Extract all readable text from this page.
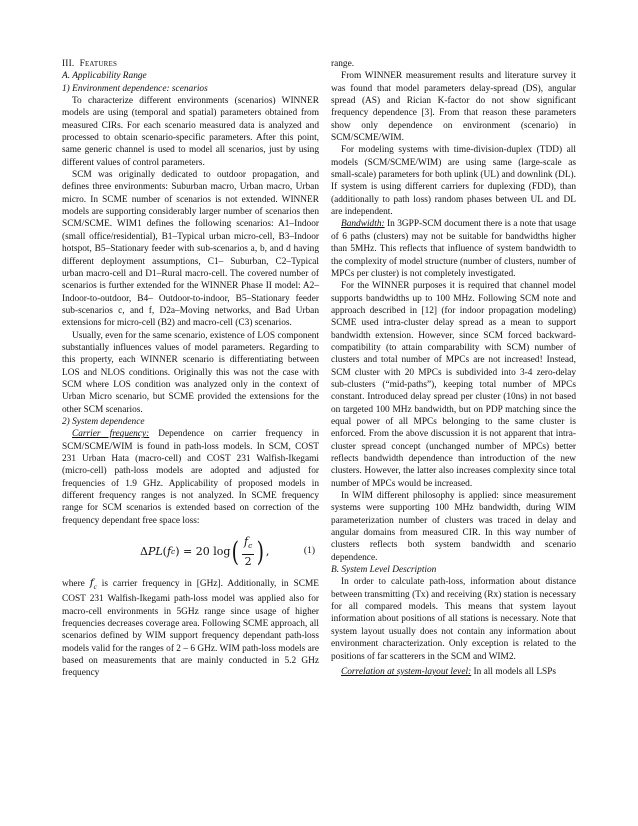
III. Features

A. Applicability Range

1) Environment dependence: scenarios

To characterize different environments (scenarios) WINNER models are using (temporal and spatial) parameters obtained from measured CIRs. For each scenario measured data is analyzed and processed to obtain scenario-specific parameters. After this point, same generic channel is used to model all scenarios, just by using different values of control parameters.

SCM was originally dedicated to outdoor propagation, and defines three environments: Suburban macro, Urban macro, Urban micro. In SCME number of scenarios is not extended. WINNER models are supporting considerably larger number of scenarios then SCM/SCME. WIM1 defines the following scenarios: A1–Indoor (small office/residential), B1–Typical urban micro-cell, B3–Indoor hotspot, B5–Stationary feeder with sub-scenarios a, b, and d having different deployment assumptions, C1– Suburban, C2–Typical urban macro-cell and D1–Rural macro-cell. The covered number of scenarios is further extended for the WINNER Phase II model: A2–Indoor-to-outdoor, B4– Outdoor-to-indoor, B5–Stationary feeder sub-scenarios c, and f, D2a–Moving networks, and Bad Urban extensions for micro-cell (B2) and macro-cell (C3) scenarios.

Usually, even for the same scenario, existence of LOS component substantially influences values of model parameters. Regarding to this property, each WINNER scenario is differentiating between LOS and NLOS conditions. Originally this was not the case with SCM where LOS condition was analyzed only in the context of Urban Micro scenario, but SCME provided the extensions for the other SCM scenarios.

2) System dependence

Carrier frequency: Dependence on carrier frequency in SCM/SCME/WIM is found in path-loss models. In SCM, COST 231 Urban Hata (macro-cell) and COST 231 Walfish-Ikegami (micro-cell) path-loss models are adopted and adjusted for frequencies of 1.9 GHz. Applicability of proposed models in different frequency ranges is not analyzed. In SCME frequency range for SCM scenarios is extended based on correction of the frequency dependant free space loss:

Δ PL ( f c ) = 20 log ( $\frac{f_c}{2}$ ) ,	(1)

where $f_c$ is carrier frequency in [GHz]. Additionally, in SCME COST 231 Walfish-Ikegami path-loss model was applied also for macro-cell environments in 5GHz range since usage of higher frequencies decreases coverage area. Following SCME approach, all scenarios defined by WIM support frequency dependant path-loss models valid for the ranges of 2 – 6 GHz. WIM path-loss models are based on measurements that are mainly conducted in 5.2 GHz frequency

range.

From WINNER measurement results and literature survey it was found that model parameters delay-spread (DS), angular spread (AS) and Rician K-factor do not show significant frequency dependence [3]. From that reason these parameters show only dependence on environment (scenario) in SCM/SCME/WIM.

For modeling systems with time-division-duplex (TDD) all models (SCM/SCME/WIM) are using same (large-scale as small-scale) parameters for both uplink (UL) and downlink (DL). If system is using different carriers for duplexing (FDD), than (additionally to path loss) random phases between UL and DL are independent.

Bandwidth: In 3GPP-SCM document there is a note that usage of 6 paths (clusters) may not be suitable for bandwidths higher than 5MHz. This reflects that influence of system bandwidth to the complexity of model structure (number of clusters, number of MPCs per cluster) is not completely investigated.

For the WINNER purposes it is required that channel model supports bandwidths up to 100 MHz. Following SCM note and approach described in [12] (for indoor propagation modeling) SCME used intra-cluster delay spread as a mean to support bandwidth extension. However, since SCM forced backward-compatibility (to attain comparability with SCM) number of clusters and total number of MPCs are not increased! Instead, SCM cluster with 20 MPCs is subdivided into 3-4 zero-delay sub-clusters (“mid-paths”), keeping total number of MPCs constant. Introduced delay spread per cluster (10ns) in not based on targeted 100 MHz bandwidth, but on PDP matching since the equal power of all MPCs belonging to the same cluster is enforced. From the above discussion it is not apparent that intra-cluster spread concept (unchanged number of MPCs) better reflects bandwidth dependence than introduction of the new clusters. However, the latter also increases complexity since total number of MPCs would be increased.

In WIM different philosophy is applied: since measurement systems were supporting 100 MHz bandwidth, during WIM parameterization number of clusters was traced in delay and angular domains from measured CIR. In this way number of clusters reflects both system bandwidth and scenario dependence.

B. System Level Description

In order to calculate path-loss, information about distance between transmitting (Tx) and receiving (Rx) station is necessary for all compared models. This means that system layout information about positions of all stations is necessary. Note that system layout usually does not contain any information about environment characterization. Only exception is related to the positions of far scatterers in the SCM and WIM2.

Correlation at system-layout level: In all models all LSPs
